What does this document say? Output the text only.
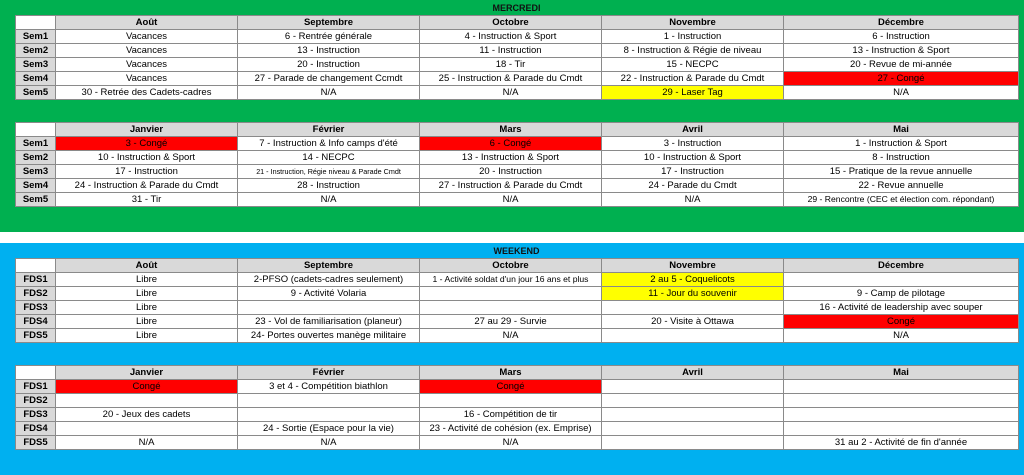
MERCREDI
	Août	Septembre	Octobre	Novembre	Décembre
Sem1	Vacances	6 - Rentrée générale	4 - Instruction & Sport	1 - Instruction	6 - Instruction
Sem2	Vacances	13 - Instruction	11 - Instruction	8 - Instruction & Régie de niveau	13 - Instruction & Sport
Sem3	Vacances	20 - Instruction	18 - Tir	15 - NECPC	20 - Revue de mi-année
Sem4	Vacances	27 - Parade de changement Ccmdt	25 - Instruction & Parade du Cmdt	22 - Instruction & Parade du Cmdt	27 - Congé
Sem5	30 - Retrée des Cadets-cadres	N/A	N/A	29 - Laser Tag	N/A
	Janvier	Février	Mars	Avril	Mai
Sem1	3 - Congé	7 - Instruction & Info camps d'été	6 - Congé	3 - Instruction	1 - Instruction & Sport
Sem2	10 - Instruction & Sport	14 - NECPC	13 - Instruction & Sport	10 - Instruction & Sport	8 - Instruction
Sem3	17 - Instruction	21 - Instruction, Régie niveau & Parade Cmdt	20 - Instruction	17 - Instruction	15 - Pratique de la revue annuelle
Sem4	24 - Instruction & Parade du Cmdt	28 - Instruction	27 - Instruction & Parade du Cmdt	24 - Parade du Cmdt	22 - Revue annuelle
Sem5	31 - Tir	N/A	N/A	N/A	29 - Rencontre (CEC et élection com. répondant)
WEEKEND
	Août	Septembre	Octobre	Novembre	Décembre
FDS1	Libre	2-PFSO (cadets-cadres seulement)	1 - Activité soldat d'un jour 16 ans et plus	2 au 5 - Coquelicots	
FDS2	Libre	9 - Activité Volaria		11 - Jour du souvenir	9 - Camp de pilotage
FDS3	Libre				16 - Activité de leadership avec souper
FDS4	Libre	23 - Vol de familiarisation (planeur)	27 au 29 - Survie	20 - Visite à Ottawa	Congé
FDS5	Libre	24- Portes ouvertes manège militaire	N/A		N/A
	Janvier	Février	Mars	Avril	Mai
FDS1	Congé	3 et 4 - Compétition biathlon	Congé		
FDS2					
FDS3	20 - Jeux des cadets		16 - Compétition de tir		
FDS4		24 - Sortie (Espace pour la vie)	23 - Activité de cohésion (ex. Emprise)		
FDS5	N/A	N/A	N/A		31 au 2 - Activité de fin d'année
